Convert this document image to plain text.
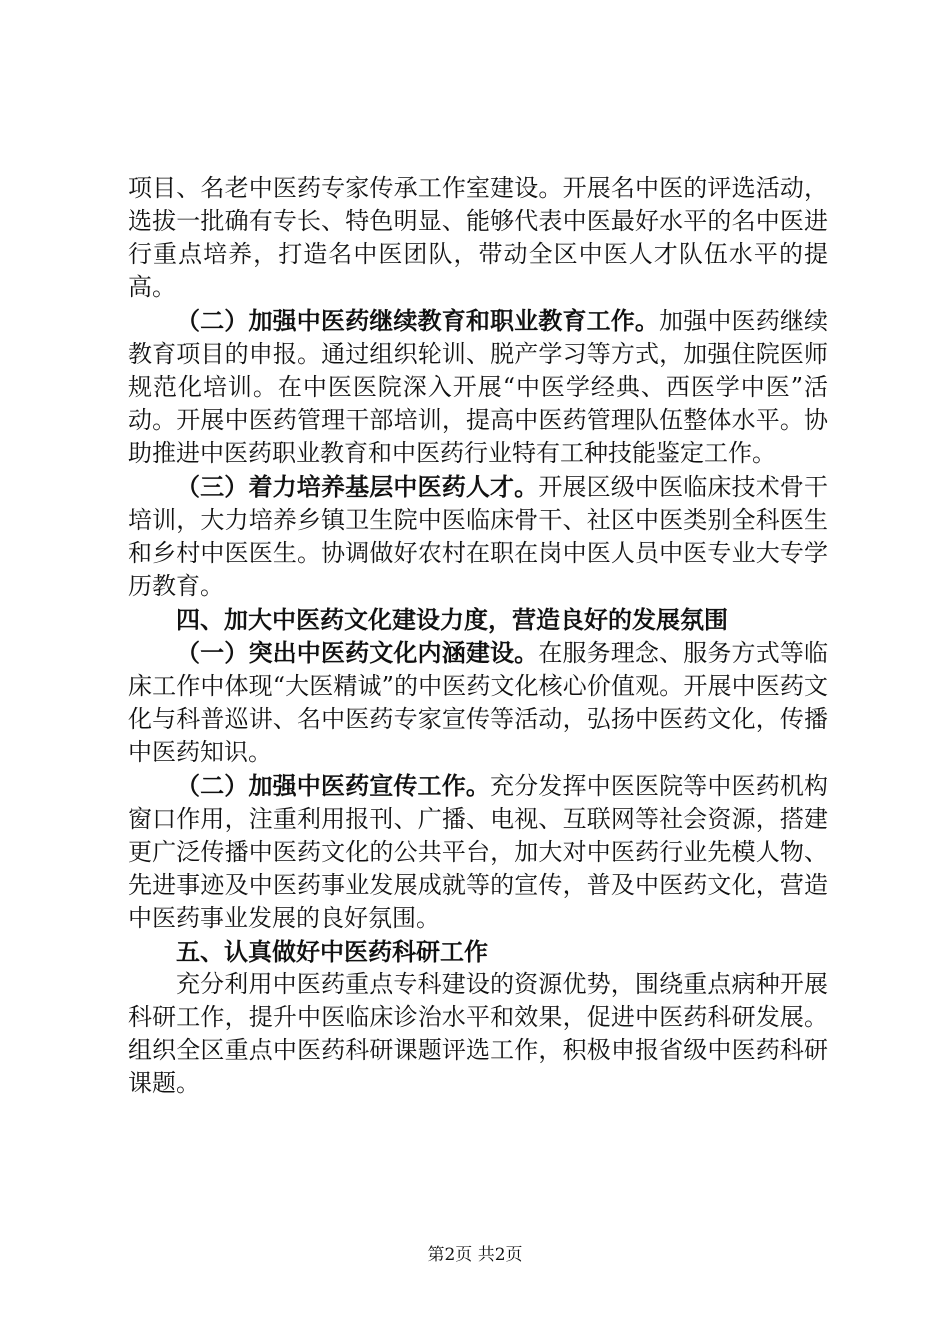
项目、名老中医药专家传承工作室建设。开展名中医的评选活动，选拔一批确有专长、特色明显、能够代表中医最好水平的名中医进行重点培养，打造名中医团队，带动全区中医人才队伍水平的提高。

（二）加强中医药继续教育和职业教育工作。加强中医药继续教育项目的申报。通过组织轮训、脱产学习等方式，加强住院医师规范化培训。在中医医院深入开展“中医学经典、西医学中医”活动。开展中医药管理干部培训，提高中医药管理队伍整体水平。协助推进中医药职业教育和中医药行业特有工种技能鉴定工作。

（三）着力培养基层中医药人才。开展区级中医临床技术骨干培训，大力培养乡镇卫生院中医临床骨干、社区中医类别全科医生和乡村中医医生。协调做好农村在职在岗中医人员中医专业大专学历教育。

四、加大中医药文化建设力度，营造良好的发展氛围

（一）突出中医药文化内涵建设。在服务理念、服务方式等临床工作中体现“大医精诚”的中医药文化核心价值观。开展中医药文化与科普巡讲、名中医药专家宣传等活动，弘扬中医药文化，传播中医药知识。

（二）加强中医药宣传工作。充分发挥中医医院等中医药机构窗口作用，注重利用报刊、广播、电视、互联网等社会资源，搭建更广泛传播中医药文化的公共平台，加大对中医药行业先模人物、先进事迹及中医药事业发展成就等的宣传，普及中医药文化，营造中医药事业发展的良好氛围。

五、认真做好中医药科研工作

充分利用中医药重点专科建设的资源优势，围绕重点病种开展科研工作，提升中医临床诊治水平和效果，促进中医药科研发展。组织全区重点中医药科研课题评选工作，积极申报省级中医药科研课题。

第2页 共2页
